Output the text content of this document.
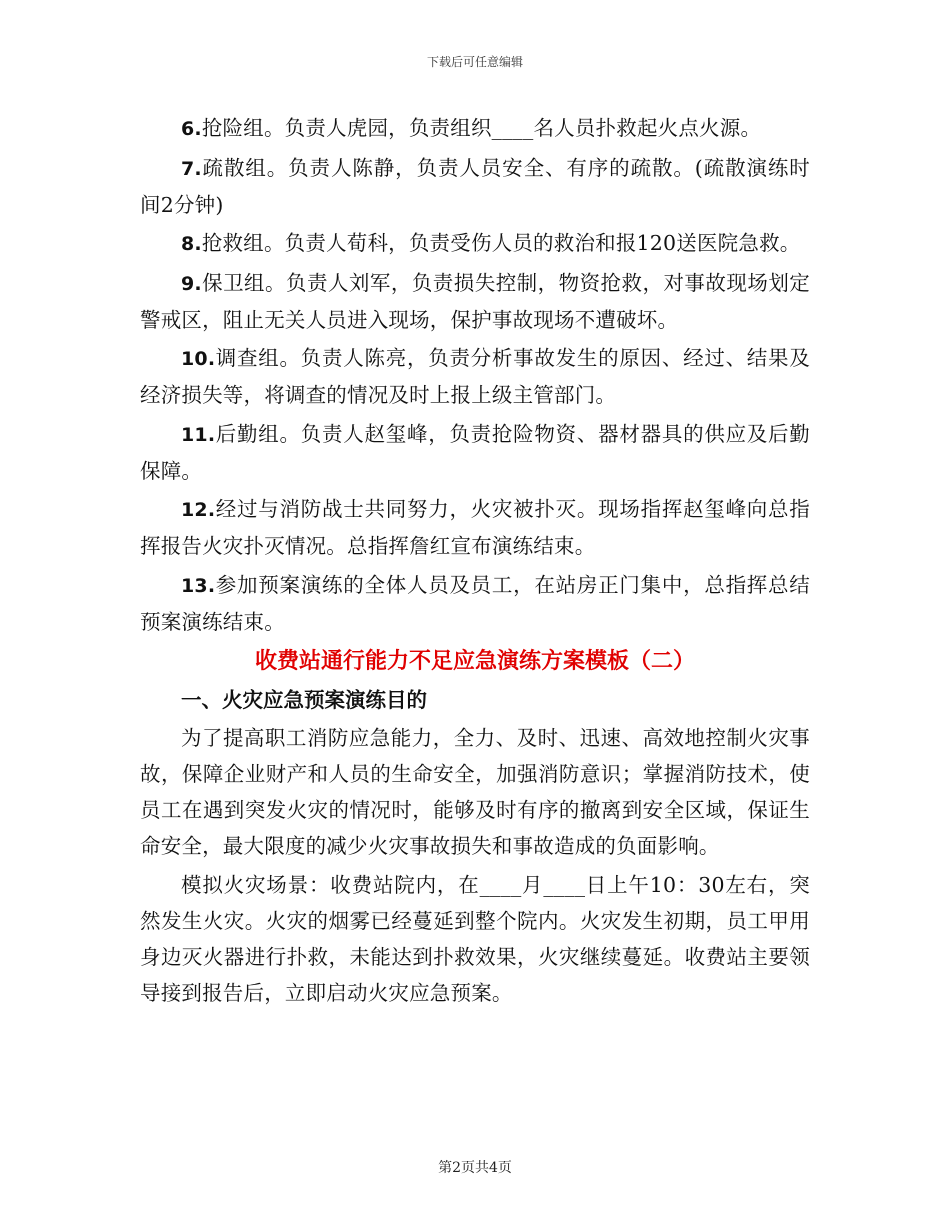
下载后可任意编辑

6.抢险组。负责人虎园，负责组织____名人员扑救起火点火源。

7.疏散组。负责人陈静，负责人员安全、有序的疏散。(疏散演练时间2分钟)

8.抢救组。负责人荀科，负责受伤人员的救治和报120送医院急救。

9.保卫组。负责人刘军，负责损失控制，物资抢救，对事故现场划定警戒区，阻止无关人员进入现场，保护事故现场不遭破坏。

10.调查组。负责人陈亮，负责分析事故发生的原因、经过、结果及经济损失等，将调查的情况及时上报上级主管部门。

11.后勤组。负责人赵玺峰，负责抢险物资、器材器具的供应及后勤保障。

12.经过与消防战士共同努力，火灾被扑灭。现场指挥赵玺峰向总指挥报告火灾扑灭情况。总指挥詹红宣布演练结束。

13.参加预案演练的全体人员及员工，在站房正门集中，总指挥总结预案演练结束。

收费站通行能力不足应急演练方案模板（二）
一、火灾应急预案演练目的

为了提高职工消防应急能力，全力、及时、迅速、高效地控制火灾事故，保障企业财产和人员的生命安全，加强消防意识；掌握消防技术，使员工在遇到突发火灾的情况时，能够及时有序的撤离到安全区域，保证生命安全，最大限度的减少火灾事故损失和事故造成的负面影响。

模拟火灾场景：收费站院内，在____月____日上午10：30左右，突然发生火灾。火灾的烟雾已经蔓延到整个院内。火灾发生初期，员工甲用身边灭火器进行扑救，未能达到扑救效果，火灾继续蔓延。收费站主要领导接到报告后，立即启动火灾应急预案。

第2页共4页
